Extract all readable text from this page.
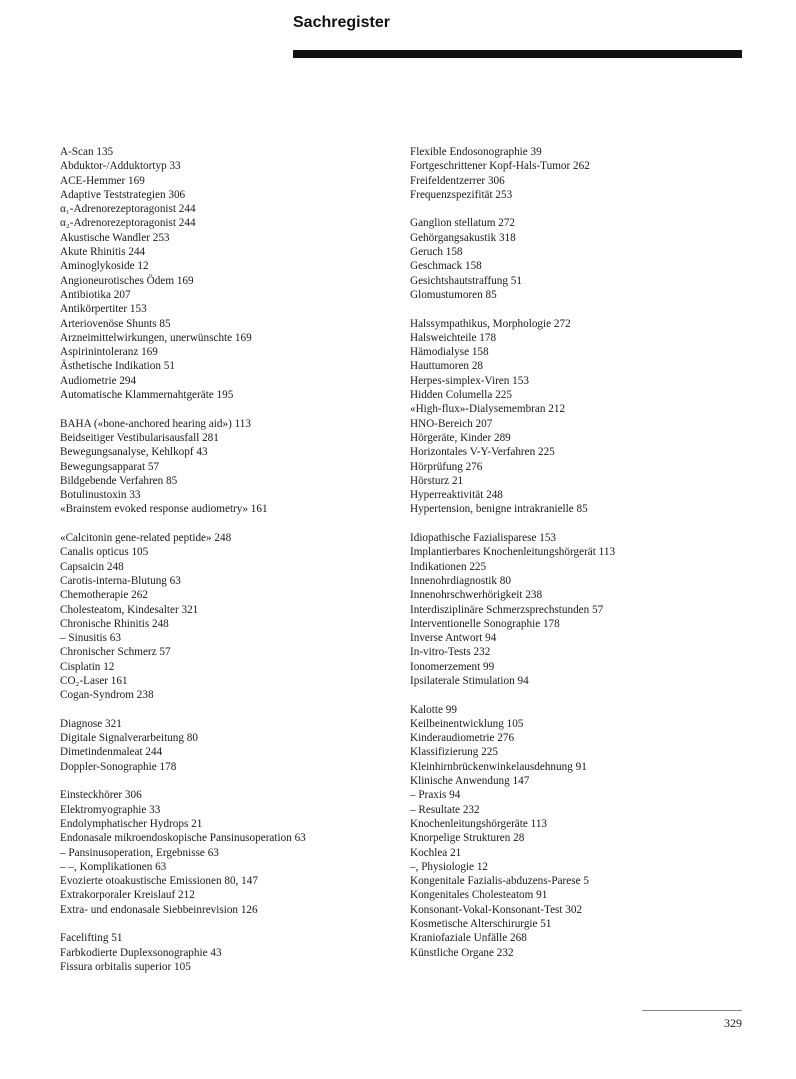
Sachregister
A-Scan 135
Abduktor-/Adduktortyp 33
ACE-Hemmer 169
Adaptive Teststrategien 306
α₁-Adrenorezeptoragonist 244
α₂-Adrenorezeptoragonist 244
Akustische Wandler 253
Akute Rhinitis 244
Aminoglykoside 12
Angioneurotisches Ödem 169
Antibiotika 207
Antikörpertiter 153
Arteriovenöse Shunts 85
Arzneimittelwirkungen, unerwünschte 169
Aspirinintoleranz 169
Ästhetische Indikation 51
Audiometrie 294
Automatische Klammernahtgeräte 195
BAHA («bone-anchored hearing aid») 113
Beidseitiger Vestibularisausfall 281
Bewegungsanalyse, Kehlkopf 43
Bewegungsapparat 57
Bildgebende Verfahren 85
Botulinustoxin 33
«Brainstem evoked response audiometry» 161
«Calcitonin gene-related peptide» 248
Canalis opticus 105
Capsaicin 248
Carotis-interna-Blutung 63
Chemotherapie 262
Cholesteatom, Kindesalter 321
Chronische Rhinitis 248
– Sinusitis 63
Chronischer Schmerz 57
Cisplatin 12
CO₂-Laser 161
Cogan-Syndrom 238
Diagnose 321
Digitale Signalverarbeitung 80
Dimetindenmaleat 244
Doppler-Sonographie 178
Einsteckhörer 306
Elektromyographie 33
Endolymphatischer Hydrops 21
Endonasale mikroendoskopische Pansinusoperation 63
– Pansinusoperation, Ergebnisse 63
– –, Komplikationen 63
Evozierte otoakustische Emissionen 80, 147
Extrakorporaler Kreislauf 212
Extra- und endonasale Siebbeinrevision 126
Facelifting 51
Farbkodierte Duplexsonographie 43
Fissura orbitalis superior 105
Flexible Endosonographie 39
Fortgeschrittener Kopf-Hals-Tumor 262
Freifeldentzerrer 306
Frequenzspezifität 253
Ganglion stellatum 272
Gehörgangsakustik 318
Geruch 158
Geschmack 158
Gesichtshautstraffung 51
Glomustumoren 85
Halssympathikus, Morphologie 272
Halsweichteile 178
Hämodialyse 158
Hauttumoren 28
Herpes-simplex-Viren 153
Hidden Columella 225
«High-flux»-Dialysemembran 212
HNO-Bereich 207
Hörgeräte, Kinder 289
Horizontales V-Y-Verfahren 225
Hörprüfung 276
Hörsturz 21
Hyperreaktivität 248
Hypertension, benigne intrakranielle 85
Idiopathische Fazialisparese 153
Implantierbares Knochenleitungshörgerät 113
Indikationen 225
Innenohrdiagnostik 80
Innenohrschwerhörigkeit 238
Interdisziplinäre Schmerzsprechstunden 57
Interventionelle Sonographie 178
Inverse Antwort 94
In-vitro-Tests 232
Ionomerzement 99
Ipsilaterale Stimulation 94
Kalotte 99
Keilbeinentwicklung 105
Kinderaudiometrie 276
Klassifizierung 225
Kleinhirnbrückenwinkelausdehnung 91
Klinische Anwendung 147
– Praxis 94
– Resultate 232
Knochenleitungshörgeräte 113
Knorpelige Strukturen 28
Kochlea 21
–, Physiologie 12
Kongenitale Fazialis-abduzens-Parese 5
Kongenitales Cholesteatom 91
Konsonant-Vokal-Konsonant-Test 302
Kosmetische Alterschirurgie 51
Kraniofaziale Unfälle 268
Künstliche Organe 232
329
